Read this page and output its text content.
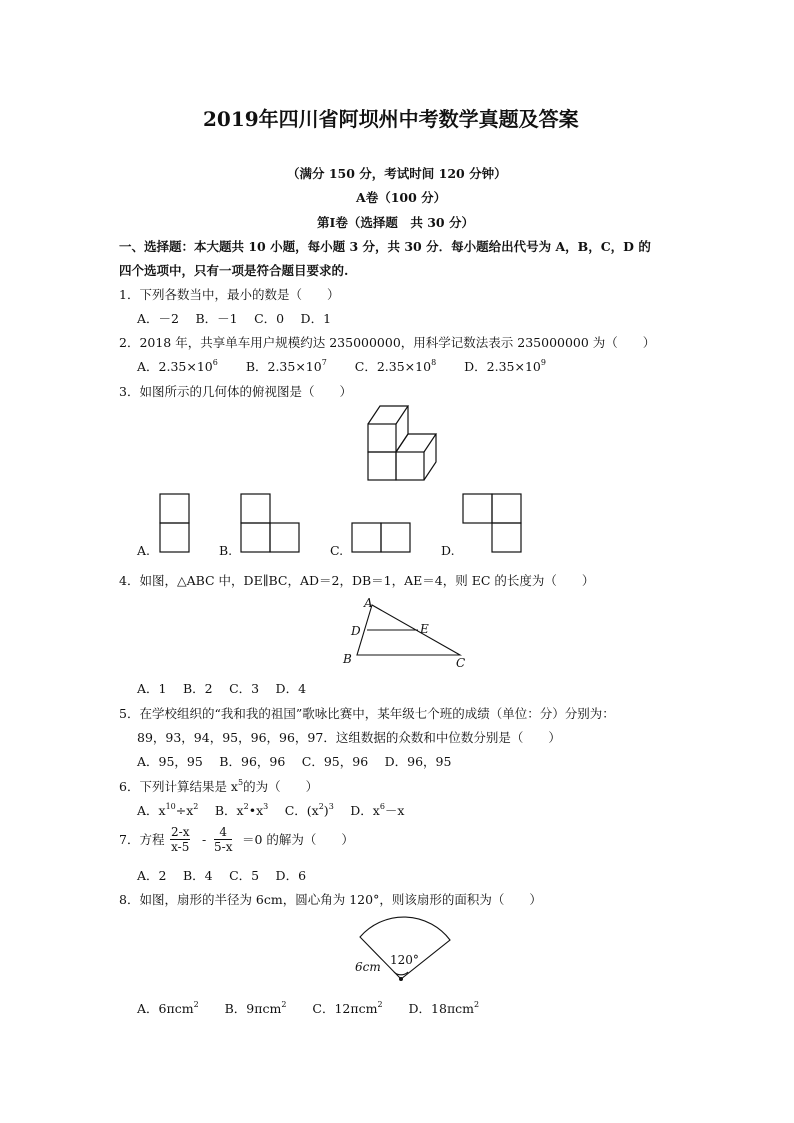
2019年四川省阿坝州中考数学真题及答案
（满分 150 分，考试时间 120 分钟）
A卷（100 分）
第Ⅰ卷（选择题　共 30 分）
一、选择题：本大题共 10 小题，每小题 3 分，共 30 分．每小题给出代号为 A，B，C，D 的
四个选项中，只有一项是符合题目要求的.
1．下列各数当中，最小的数是（　　）
A．－2　 B．－1　 C．0　 D．1
2．2018 年，共享单车用户规模约达 235000000，用科学记数法表示 235000000 为（　　）
A．$2.35\times 10^6$ B．$2.35\times 10^7$ C．$2.35\times 10^8$ D．$2.35\times 10^9$
3．如图所示的几何体的俯视图是（　　）
A.	B.	C.	D.
4．如图，△ABC 中，DE∥BC，AD＝2，DB＝1，AE＝4，则 EC 的长度为（　　）
A
D	E
B	C
A．1　 B．2　 C．3　 D．4
5．在学校组织的“我和我的祖国”歌咏比赛中，某年级七个班的成绩（单位：分）分别为：
89，93，94，95，96，96，97．这组数据的众数和中位数分别是（　　）
A．95，95　 B．96，96　 C．95，96　 D．96，95
6．下列计算结果是 $x^5$的为（　　）
A．$x^{10}\div x^2$　 B．$x^2•x^3$　 C．$(x^2)^3$　 D．$x^6-x$
7．方程 $\frac{2-x}{x-5} - \frac{4}{5-x} =0$ 的解为（　　）
A．2　 B．4　 C．5　 D．6
8．如图，扇形的半径为 6cm，圆心角为 120°，则该扇形的面积为（　　）
120°
6cm
A．6πcm$^2$ B．9πcm$^2$ C．12πcm$^2$ D．18πcm$^2$
